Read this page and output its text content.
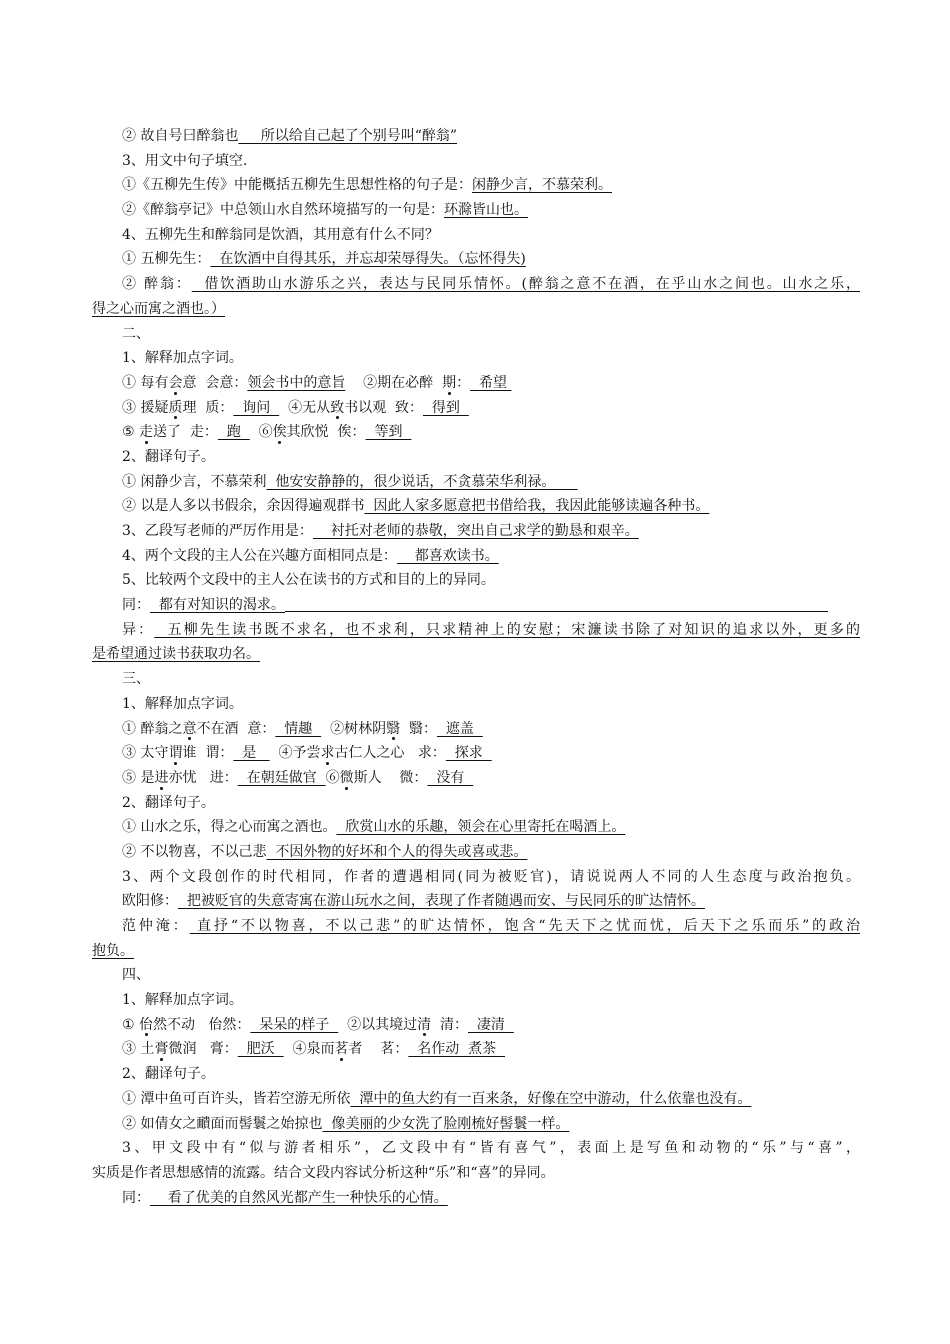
② 故自号曰醉翁也     所以给自己起了个别号叫“醉翁”
3、用文中句子填空.
①《五柳先生传》中能概括五柳先生思想性格的句子是：闲静少言，不慕荣利。
②《醉翁亭记》中总领山水自然环境描写的一句是：环滁皆山也。
4、五柳先生和醉翁同是饮酒，其用意有什么不同？
① 五柳先生：  在饮酒中自得其乐，并忘却荣辱得失。（忘怀得失)
② 醉翁：  借饮酒助山水游乐之兴，表达与民同乐情怀。(醉翁之意不在酒，在乎山水之间也。山水之乐，
得之心而寓之酒也。）
二、
1、解释加点字词。
① 每有会意  会意：领会书中的意旨    ②期在必醉  期：  希望
③ 援疑质理  质：  询问    ④无从致书以观  致：  得到
⑤ 走送了  走：  跑    ⑥俟其欣悦  俟：  等到
2、翻译句子。
① 闲静少言，不慕荣利  他安安静静的，很少说话，不贪慕荣华利禄。
② 以是人多以书假余，余因得遍观群书  因此人家多愿意把书借给我，我因此能够读遍各种书。
3、乙段写老师的严厉作用是：    衬托对老师的恭敬，突出自己求学的勤恳和艰辛。
4、两个文段的主人公在兴趣方面相同点是：    都喜欢读书。
5、比较两个文段中的主人公在读书的方式和目的上的异同。
同：  都有对知识的渴求。
异：  五柳先生读书既不求名，也不求利，只求精神上的安慰；宋濂读书除了对知识的追求以外，更多的
是希望通过读书获取功名。
三、
1、解释加点字词。
① 醉翁之意不在酒  意：  情趣    ②树林阴翳  翳：  遮盖
③ 太守谓谁  谓：  是     ④予尝求古仁人之心   求：  探求
⑤ 是进亦忧   进：  在朝廷做官  ⑥微斯人    微：  没有
2、翻译句子。
① 山水之乐，得之心而寓之酒也。  欣赏山水的乐趣，领会在心里寄托在喝酒上。
② 不以物喜，不以己悲  不因外物的好坏和个人的得失或喜或悲。
3、两个文段创作的时代相同，作者的遭遇相同(同为被贬官)，请说说两人不同的人生态度与政治抱负。
欧阳修：  把被贬官的失意寄寓在游山玩水之间，表现了作者随遇而安、与民同乐的旷达情怀。
范仲淹： 直抒“不以物喜，不以己悲”的旷达情怀，饱含“先天下之忧而忧，后天下之乐而乐”的政治
抱负。
四、
1、解释加点字词。
① 佁然不动   佁然：  呆呆的样子    ②以其境过清  清：  凄清
③ 土膏微润   膏：  肥沃    ④泉而茗者    茗：  名作动  煮茶
2、翻译句子。
① 潭中鱼可百许头，皆若空游无所依  潭中的鱼大约有一百来条，好像在空中游动，什么依靠也没有。
② 如倩女之靧面而髻鬟之始掠也  像美丽的少女洗了脸刚梳好髻鬟一样。
3、甲文段中有“似与游者相乐”，乙文段中有“皆有喜气”，表面上是写鱼和动物的“乐”与“喜”，
实质是作者思想感情的流露。结合文段内容试分析这种“乐”和“喜”的异同。
同：    看了优美的自然风光都产生一种快乐的心情。
